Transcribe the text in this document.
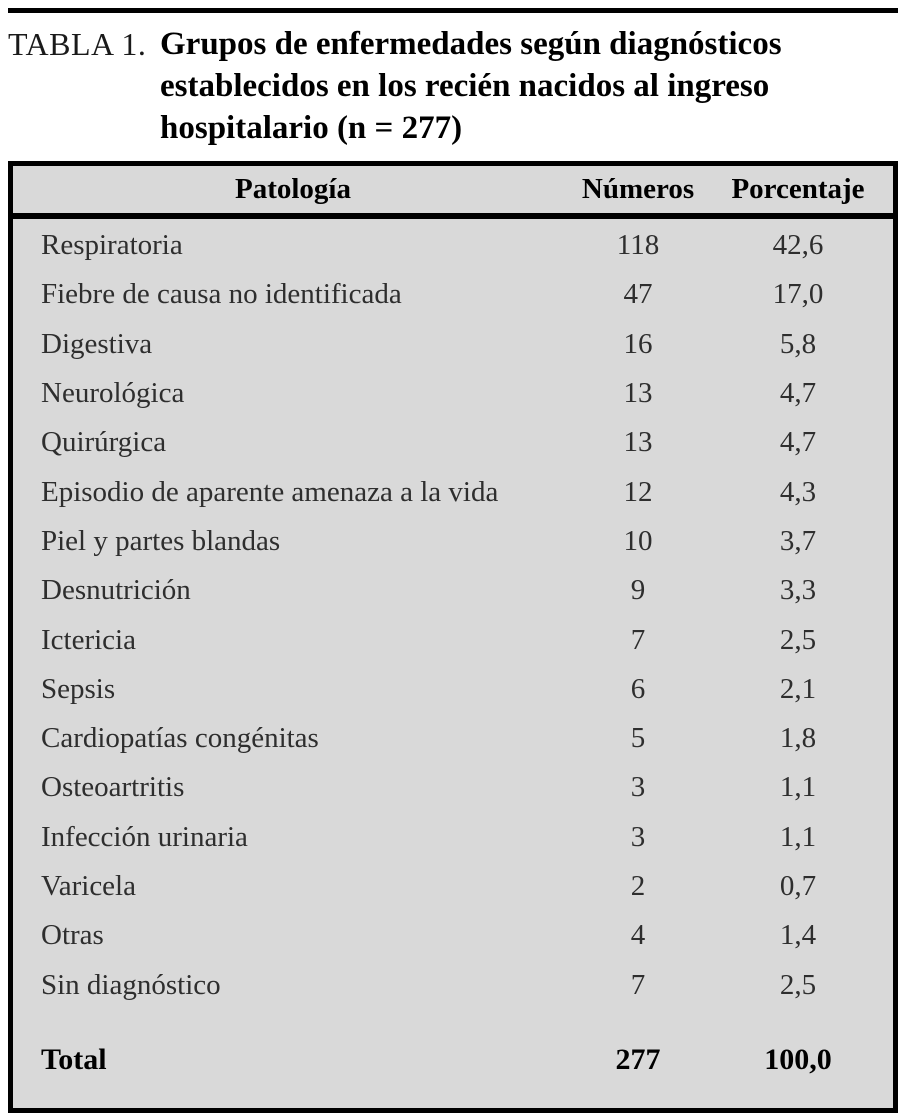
TABLA 1. Grupos de enfermedades según diagnósticos establecidos en los recién nacidos al ingreso hospitalario (n = 277)
Patología	Números	Porcentaje
Respiratoria	118	42,6
Fiebre de causa no identificada	47	17,0
Digestiva	16	5,8
Neurológica	13	4,7
Quirúrgica	13	4,7
Episodio de aparente amenaza a la vida	12	4,3
Piel y partes blandas	10	3,7
Desnutrición	9	3,3
Ictericia	7	2,5
Sepsis	6	2,1
Cardiopatías congénitas	5	1,8
Osteoartritis	3	1,1
Infección urinaria	3	1,1
Varicela	2	0,7
Otras	4	1,4
Sin diagnóstico	7	2,5
Total	277	100,0
